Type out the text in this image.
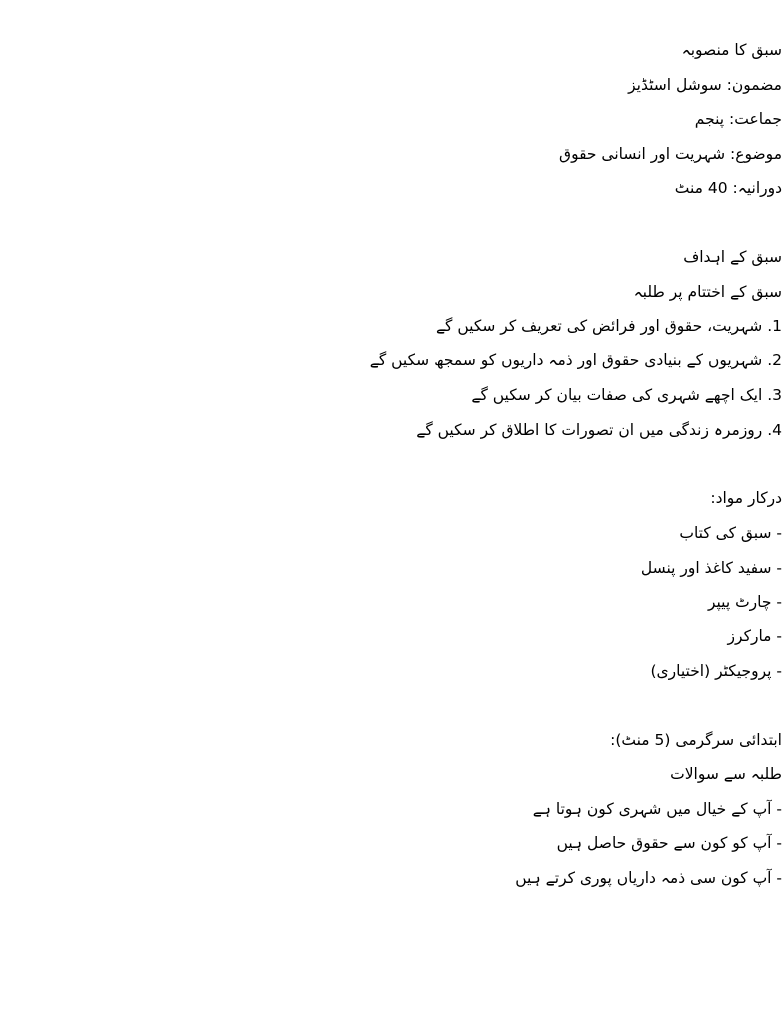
سبق کا منصوبہ
مضمون: سوشل اسٹڈیز
جماعت: پنجم
موضوع: شہریت اور انسانی حقوق
دورانیہ: 40 منٹ
سبق کے اہداف
سبق کے اختتام پر طلبہ
1. شہریت، حقوق اور فرائض کی تعریف کر سکیں گے
2. شہریوں کے بنیادی حقوق اور ذمہ داریوں کو سمجھ سکیں گے
3. ایک اچھے شہری کی صفات بیان کر سکیں گے
4. روزمرہ زندگی میں ان تصورات کا اطلاق کر سکیں گے
درکار مواد:
- سبق کی کتاب
- سفید کاغذ اور پنسل
- چارٹ پیپر
- مارکرز
- پروجیکٹر (اختیاری)
ابتدائی سرگرمی (5 منٹ):
طلبہ سے سوالات
- آپ کے خیال میں شہری کون ہوتا ہے
- آپ کو کون سے حقوق حاصل ہیں
- آپ کون سی ذمہ داریاں پوری کرتے ہیں
